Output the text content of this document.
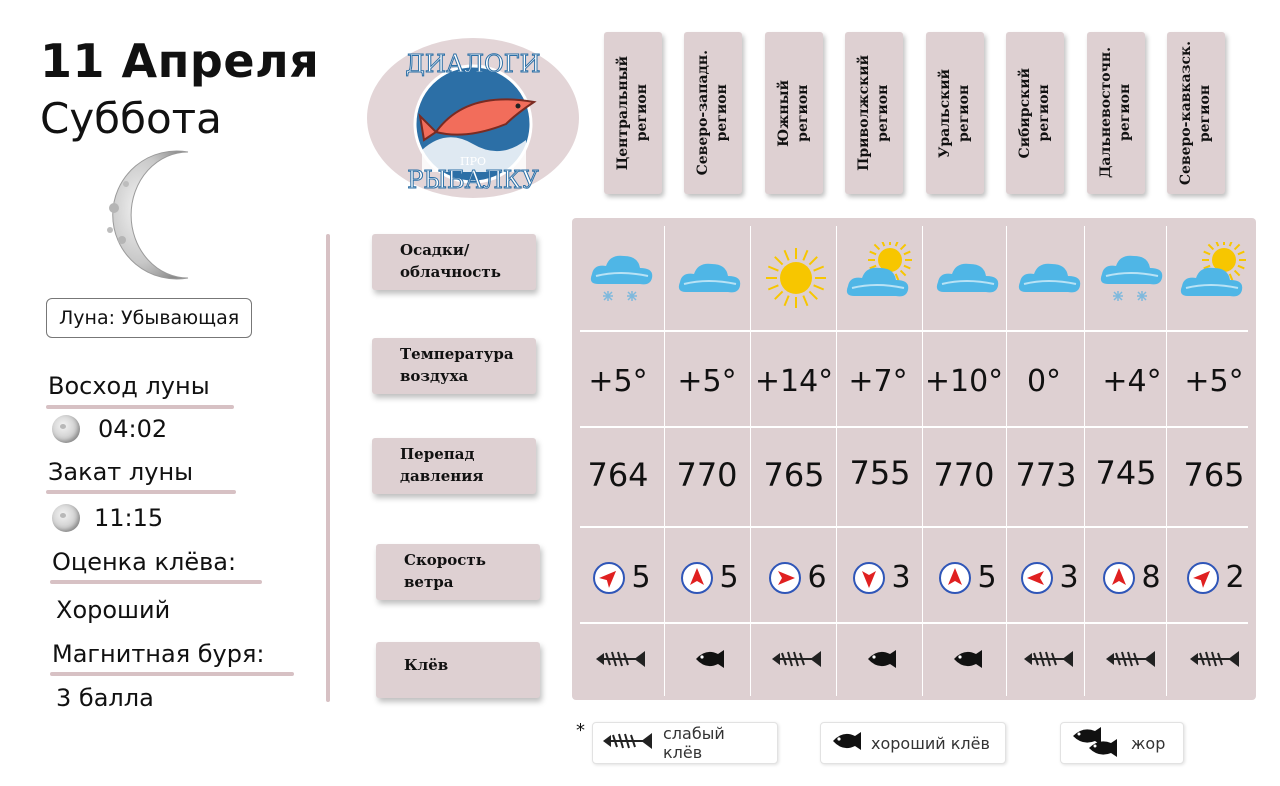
11 Апреля
Суббота
Луна: Убывающая
Восход луны
04:02
Закат луны
11:15
Оценка клёва:
Хороший
Магнитная буря:
3 балла
ДИАЛОГИ
ПРО
РЫБАЛКУ
Центральный
регион	Северо-западн.
регион	Южный
регион	Приволжский
регион	Уральский
регион	Сибирский
регион	Дальневосточн.
регион	Северо-кавказск.
регион
Осадки/
облачность
Температура
воздуха
Перепад
давления
Скорость
ветра
Клёв
+5° +5° +14° +7° +10° 0°	+4° +5°
764 770 765 755 770 773 745 765
5 5 6 3 5 3 8 2
*	слабый клёв	хороший клёв	жор
